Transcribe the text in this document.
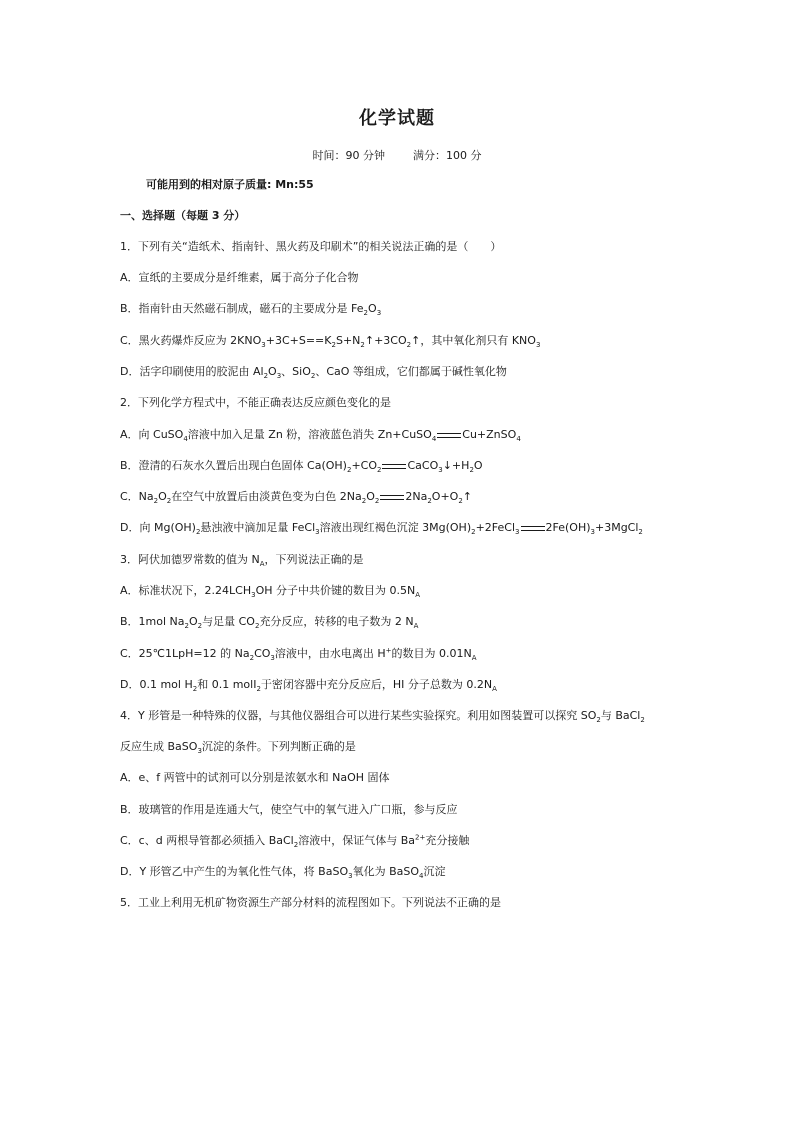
化学试题
时间：90 分钟	满分：100 分
可能用到的相对原子质量: Mn:55
一、选择题（每题 3 分）
1．下列有关“造纸术、指南针、黑火药及印刷术”的相关说法正确的是（　　）
A．宣纸的主要成分是纤维素，属于高分子化合物
B．指南针由天然磁石制成，磁石的主要成分是 $Fe_2O_3$
C．黑火药爆炸反应为 $2KNO_3+3C+S==K_2S+N_2↑+3CO_2↑$，其中氧化剂只有 $KNO_3$
D．活字印刷使用的胶泥由 $Al_2O_3$、SiO$_2$、CaO 等组成，它们都属于碱性氧化物
2．下列化学方程式中，不能正确表达反应颜色变化的是
A．向 CuSO$_4$溶液中加入足量 Zn 粉，溶液蓝色消失 Zn+CuSO$_4$ Cu+ZnSO$_4$
B．澄清的石灰水久置后出现白色固体 $Ca(OH)_2+CO_2$ $CaCO_3↓+H_2O$
C．$Na_2O_2$在空气中放置后由淡黄色变为白色 $2Na_2O_2$ $2Na_2O+O_2↑$
D．向 $Mg(OH)_2$悬浊液中滴加足量 FeCl$_3$溶液出现红褐色沉淀 $3Mg(OH)_2+2FeCl_3$ $2Fe(OH)_3+3MgCl_2$
3．阿伏加德罗常数的值为 $N_A$，下列说法正确的是
A．标准状况下，$2.24LCH_3OH$ 分子中共价键的数目为 $0.5N_A$
B．1mol $Na_2O_2$与足量 $CO_2$充分反应，转移的电子数为 2 $N_A$
C．25℃1LpH=12 的 $Na_2CO_3$溶液中，由水电离出 H+的数目为 $0.01N_A$
D．0.1 mol $H_2$和 0.1 molI$_2$于密闭容器中充分反应后，HI 分子总数为 $0.2N_A$
4．Y 形管是一种特殊的仪器，与其他仪器组合可以进行某些实验探究。利用如图装置可以探究 $SO_2$与 BaCl$_2$
反应生成 BaSO$_3$沉淀的条件。下列判断正确的是
A．e、f 两管中的试剂可以分别是浓氨水和 NaOH 固体
B．玻璃管的作用是连通大气，使空气中的氧气进入广口瓶，参与反应
C．c、d 两根导管都必须插入 BaCl$_2$溶液中，保证气体与 $Ba^{2+}$充分接触
D．Y 形管乙中产生的为氧化性气体，将 BaSO$_3$氧化为 BaSO$_4$沉淀
5．工业上利用无机矿物资源生产部分材料的流程图如下。下列说法不正确的是
